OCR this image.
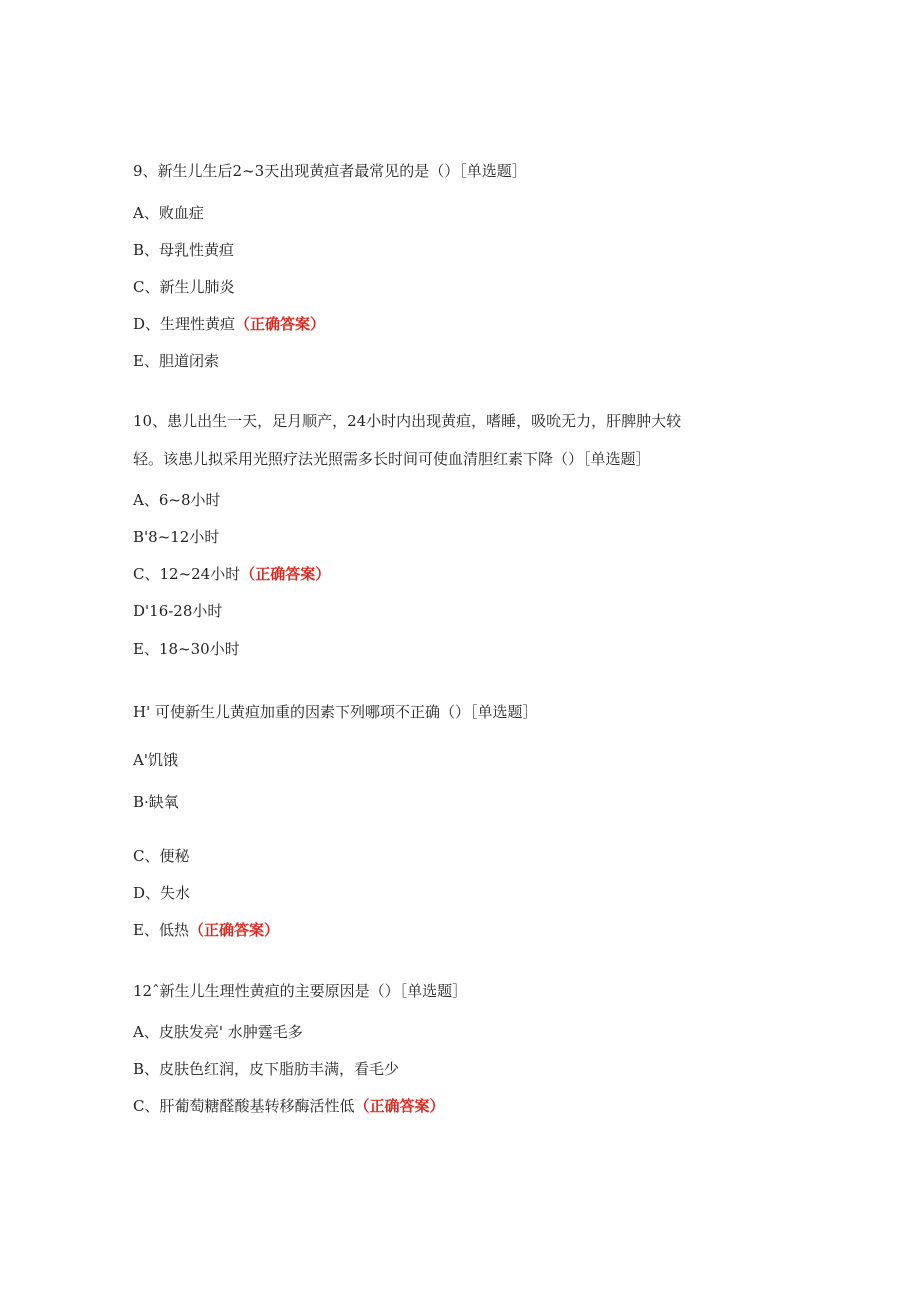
9、新生儿生后2~3天出现黄疸者最常见的是（）［单选题］
A、败血症
B、母乳性黄疸
C、新生儿肺炎
D、生理性黄疸（正确答案）
E、胆道闭索
10、患儿出生一天，足月顺产，24小时内出现黄疸，嗜睡，吸吮无力，肝脾肿大较
轻。该患儿拟采用光照疗法光照需多长时间可使血清胆红素下降（）［单选题］
A、6~8小时
B'8~12小时
C、12~24小时（正确答案）
D'16-28小时
E、18~30小时
H' 可使新生儿黄疸加重的因素下列哪项不正确（）［单选题］
A'饥饿
B·缺氧
C、便秘
D、失水
E、低热（正确答案）
12ˆ新生儿生理性黄疸的主要原因是（）［单选题］
A、皮肤发亮' 水肿霆毛多
B、皮肤色红润，皮下脂肪丰满，看毛少
C、肝葡萄糖醛酸基转移酶活性低（正确答案）
